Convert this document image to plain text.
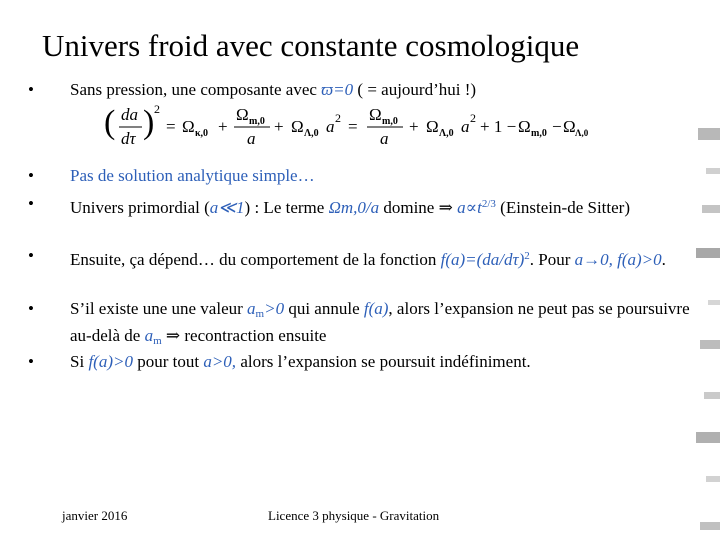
Univers froid avec constante cosmologique
•	Sans pression, une composante avec ϖ=0 ( = aujourd’hui !)
•	Pas de solution analytique simple…
•	Univers primordial (a≪1) : Le terme Ωm,0/a domine ⇒ $a\propto t^{2/3}$ (Einstein-de Sitter)
•	Ensuite, ça dépend… du comportement de la fonction $f(a)=(da/d\tau)^2$. Pour a→0, f(a)>0.
•	S’il existe une une valeur $a_m>0$ qui annule f(a), alors l’expansion ne peut pas se poursuivre au-delà de $a_m$ ⇒ recontraction ensuite
•	Si f(a)>0 pour tout a>0, alors l’expansion se poursuit indéfiniment.
( da
dτ ) 2
= Ω κ,0 +
Ω m,0
a
+ Ω Λ,0 a 2 =
Ω m,0
a
+ Ω Λ,0 a 2 + 1 − Ω m,0 − Ω Λ,0
janvier 2016	Licence 3 physique - Gravitation
